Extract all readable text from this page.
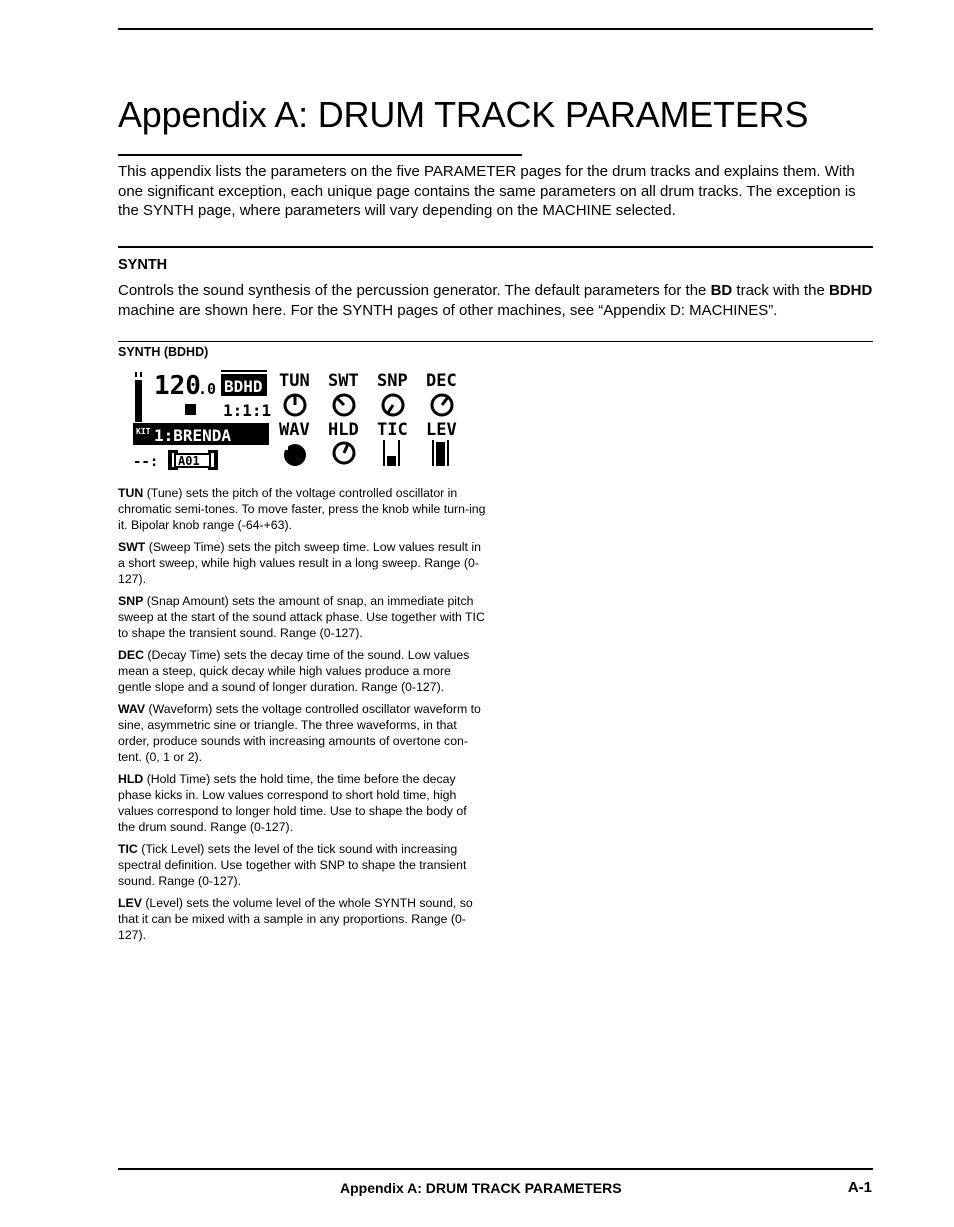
Appendix A: DRUM TRACK PARAMETERS

This appendix lists the parameters on the five PARAMETER pages for the drum tracks and explains them. With one significant exception, each unique page contains the same parameters on all drum tracks. The exception is the SYNTH page, where parameters will vary depending on the MACHINE selected.

SYNTH

Controls the sound synthesis of the percussion generator. The default parameters for the BD track with the BDHD machine are shown here. For the SYNTH pages of other machines, see “Appendix D: MACHINES”.

SYNTH (BDHD)
120
.0 BDHD
1:1:1
KIT 1:BRENDA
--: A01
TUN SWT SNP DEC
WAV HLD TIC LEV

TUN (Tune) sets the pitch of the voltage controlled oscillator in chromatic semi-tones. To move faster, press the knob while turn-ing it. Bipolar knob range (-64-+63).

SWT (Sweep Time) sets the pitch sweep time. Low values result in a short sweep, while high values result in a long sweep. Range (0-127).

SNP (Snap Amount) sets the amount of snap, an immediate pitch sweep at the start of the sound attack phase. Use together with TIC to shape the transient sound. Range (0-127).

DEC (Decay Time) sets the decay time of the sound. Low values mean a steep, quick decay while high values produce a more gentle slope and a sound of longer duration. Range (0-127).

WAV (Waveform) sets the voltage controlled oscillator waveform to sine, asymmetric sine or triangle. The three waveforms, in that order, produce sounds with increasing amounts of overtone con-tent. (0, 1 or 2).

HLD (Hold Time) sets the hold time, the time before the decay phase kicks in. Low values correspond to short hold time, high values correspond to longer hold time. Use to shape the body of the drum sound. Range (0-127).

TIC (Tick Level) sets the level of the tick sound with increasing spectral definition. Use together with SNP to shape the transient sound. Range (0-127).

LEV (Level) sets the volume level of the whole SYNTH sound, so that it can be mixed with a sample in any proportions. Range (0-127).

Appendix A: DRUM TRACK PARAMETERS	A-1
